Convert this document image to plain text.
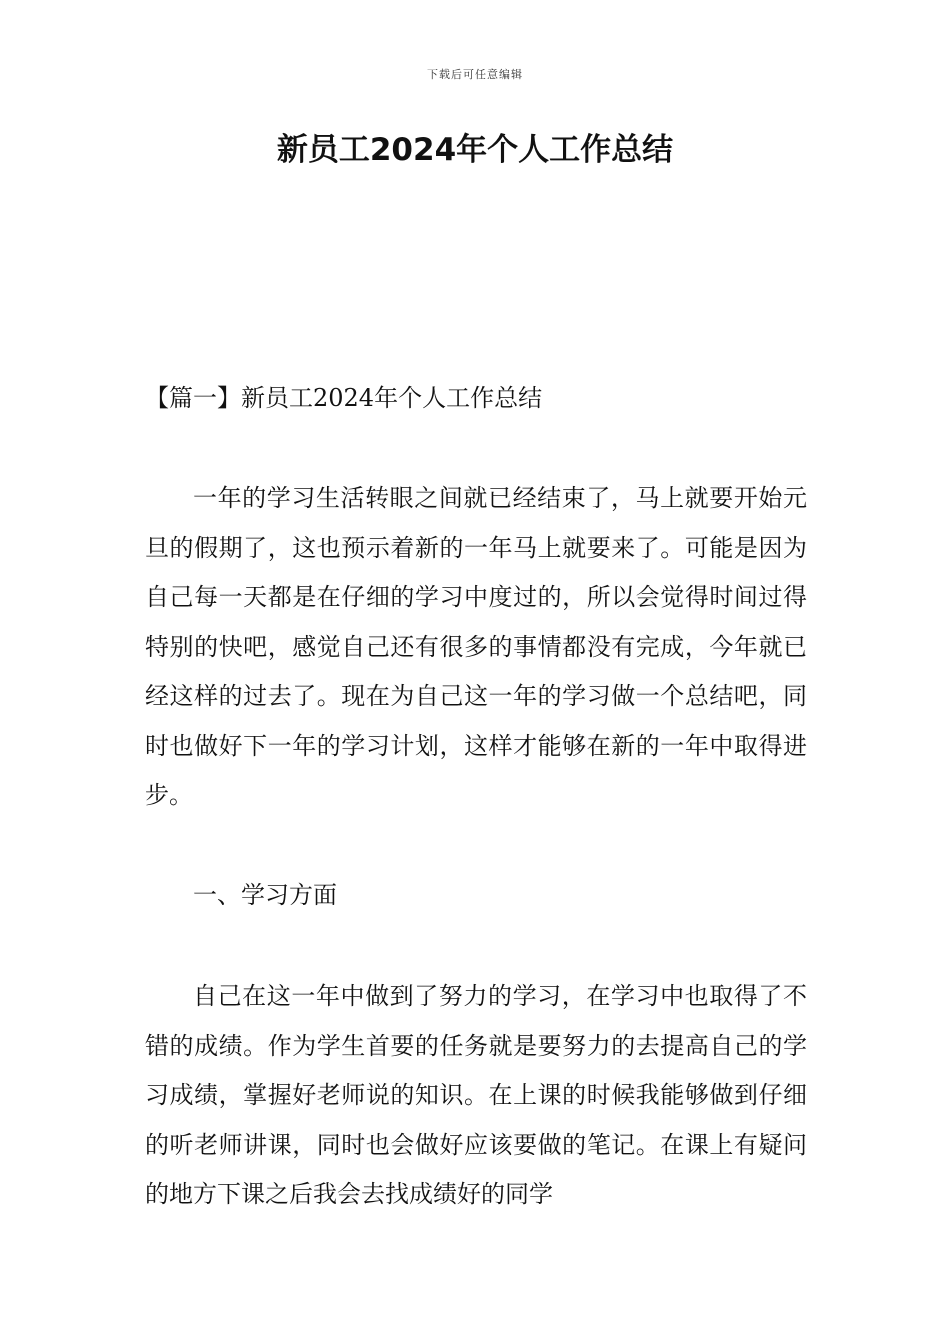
下载后可任意编辑
新员工2024年个人工作总结
【篇一】新员工2024年个人工作总结

一年的学习生活转眼之间就已经结束了，马上就要开始元旦的假期了，这也预示着新的一年马上就要来了。可能是因为自己每一天都是在仔细的学习中度过的，所以会觉得时间过得特别的快吧，感觉自己还有很多的事情都没有完成，今年就已经这样的过去了。现在为自己这一年的学习做一个总结吧，同时也做好下一年的学习计划，这样才能够在新的一年中取得进步。

一、学习方面

自己在这一年中做到了努力的学习，在学习中也取得了不错的成绩。作为学生首要的任务就是要努力的去提高自己的学习成绩，掌握好老师说的知识。在上课的时候我能够做到仔细的听老师讲课，同时也会做好应该要做的笔记。在课上有疑问的地方下课之后我会去找成绩好的同学
